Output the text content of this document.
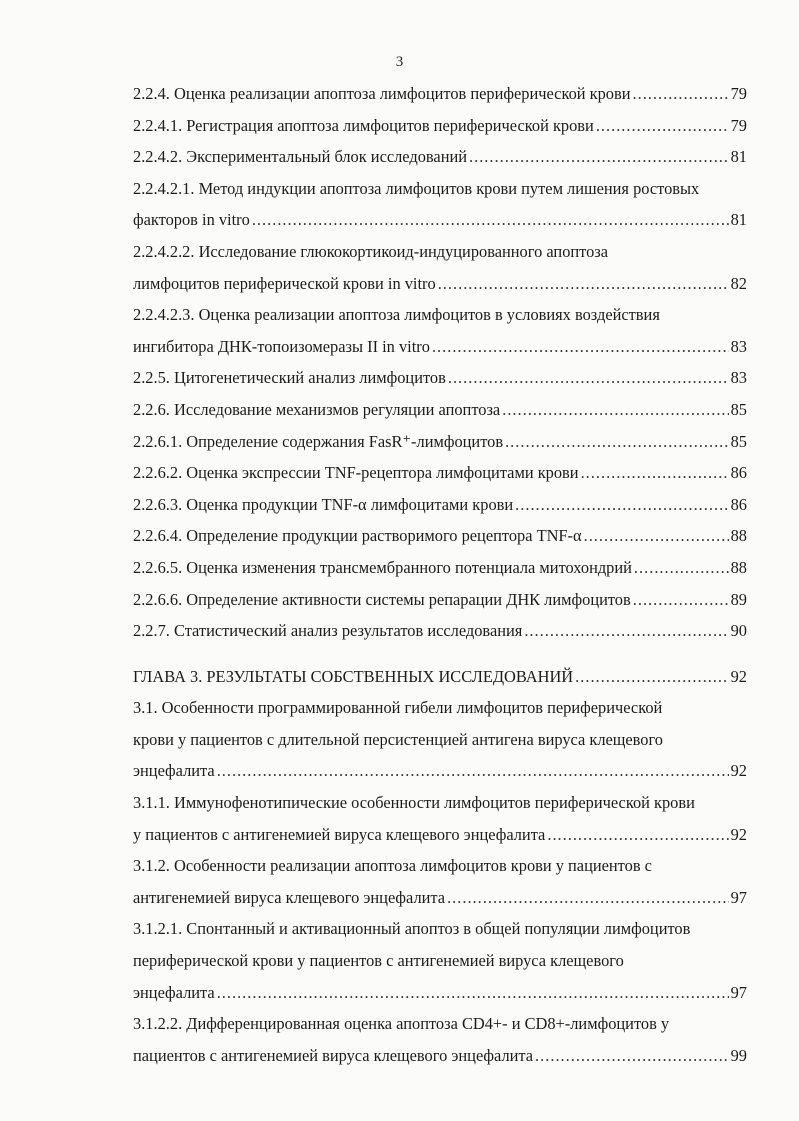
3
2.2.4. Оценка реализации апоптоза лимфоцитов периферической крови .....	79
2.2.4.1. Регистрация апоптоза лимфоцитов периферической крови .....	79
2.2.4.2. Экспериментальный блок исследований .....	81
2.2.4.2.1. Метод индукции апоптоза лимфоцитов крови путем лишения ростовых
факторов in vitro .....	81
2.2.4.2.2. Исследование глюкокортикоид-индуцированного апоптоза
лимфоцитов периферической крови in vitro .....	82
2.2.4.2.3. Оценка реализации апоптоза лимфоцитов в условиях воздействия
ингибитора ДНК-топоизомеразы II in vitro .....	83
2.2.5. Цитогенетический анализ лимфоцитов .....	83
2.2.6. Исследование механизмов регуляции апоптоза .....	85
2.2.6.1. Определение содержания FasR⁺-лимфоцитов .....	85
2.2.6.2. Оценка экспрессии TNF-рецептора лимфоцитами крови .....	86
2.2.6.3. Оценка продукции TNF-α лимфоцитами крови .....	86
2.2.6.4. Определение продукции растворимого рецептора TNF-α .....	88
2.2.6.5. Оценка изменения трансмембранного потенциала митохондрий .....	88
2.2.6.6. Определение активности системы репарации ДНК лимфоцитов .....	89
2.2.7. Статистический анализ результатов исследования .....	90
ГЛАВА 3. РЕЗУЛЬТАТЫ СОБСТВЕННЫХ ИССЛЕДОВАНИЙ .....	92
3.1. Особенности программированной гибели лимфоцитов периферической
крови у пациентов с длительной персистенцией антигена вируса клещевого
энцефалита .....	92
3.1.1. Иммунофенотипические особенности лимфоцитов периферической крови
у пациентов с антигенемией вируса клещевого энцефалита .....	92
3.1.2. Особенности реализации апоптоза лимфоцитов крови у пациентов с
антигенемией вируса клещевого энцефалита .....	97
3.1.2.1. Спонтанный и активационный апоптоз в общей популяции лимфоцитов
периферической крови у пациентов с антигенемией вируса клещевого
энцефалита .....	97
3.1.2.2. Дифференцированная оценка апоптоза CD4+- и CD8+-лимфоцитов у
пациентов с антигенемией вируса клещевого энцефалита .....	99
